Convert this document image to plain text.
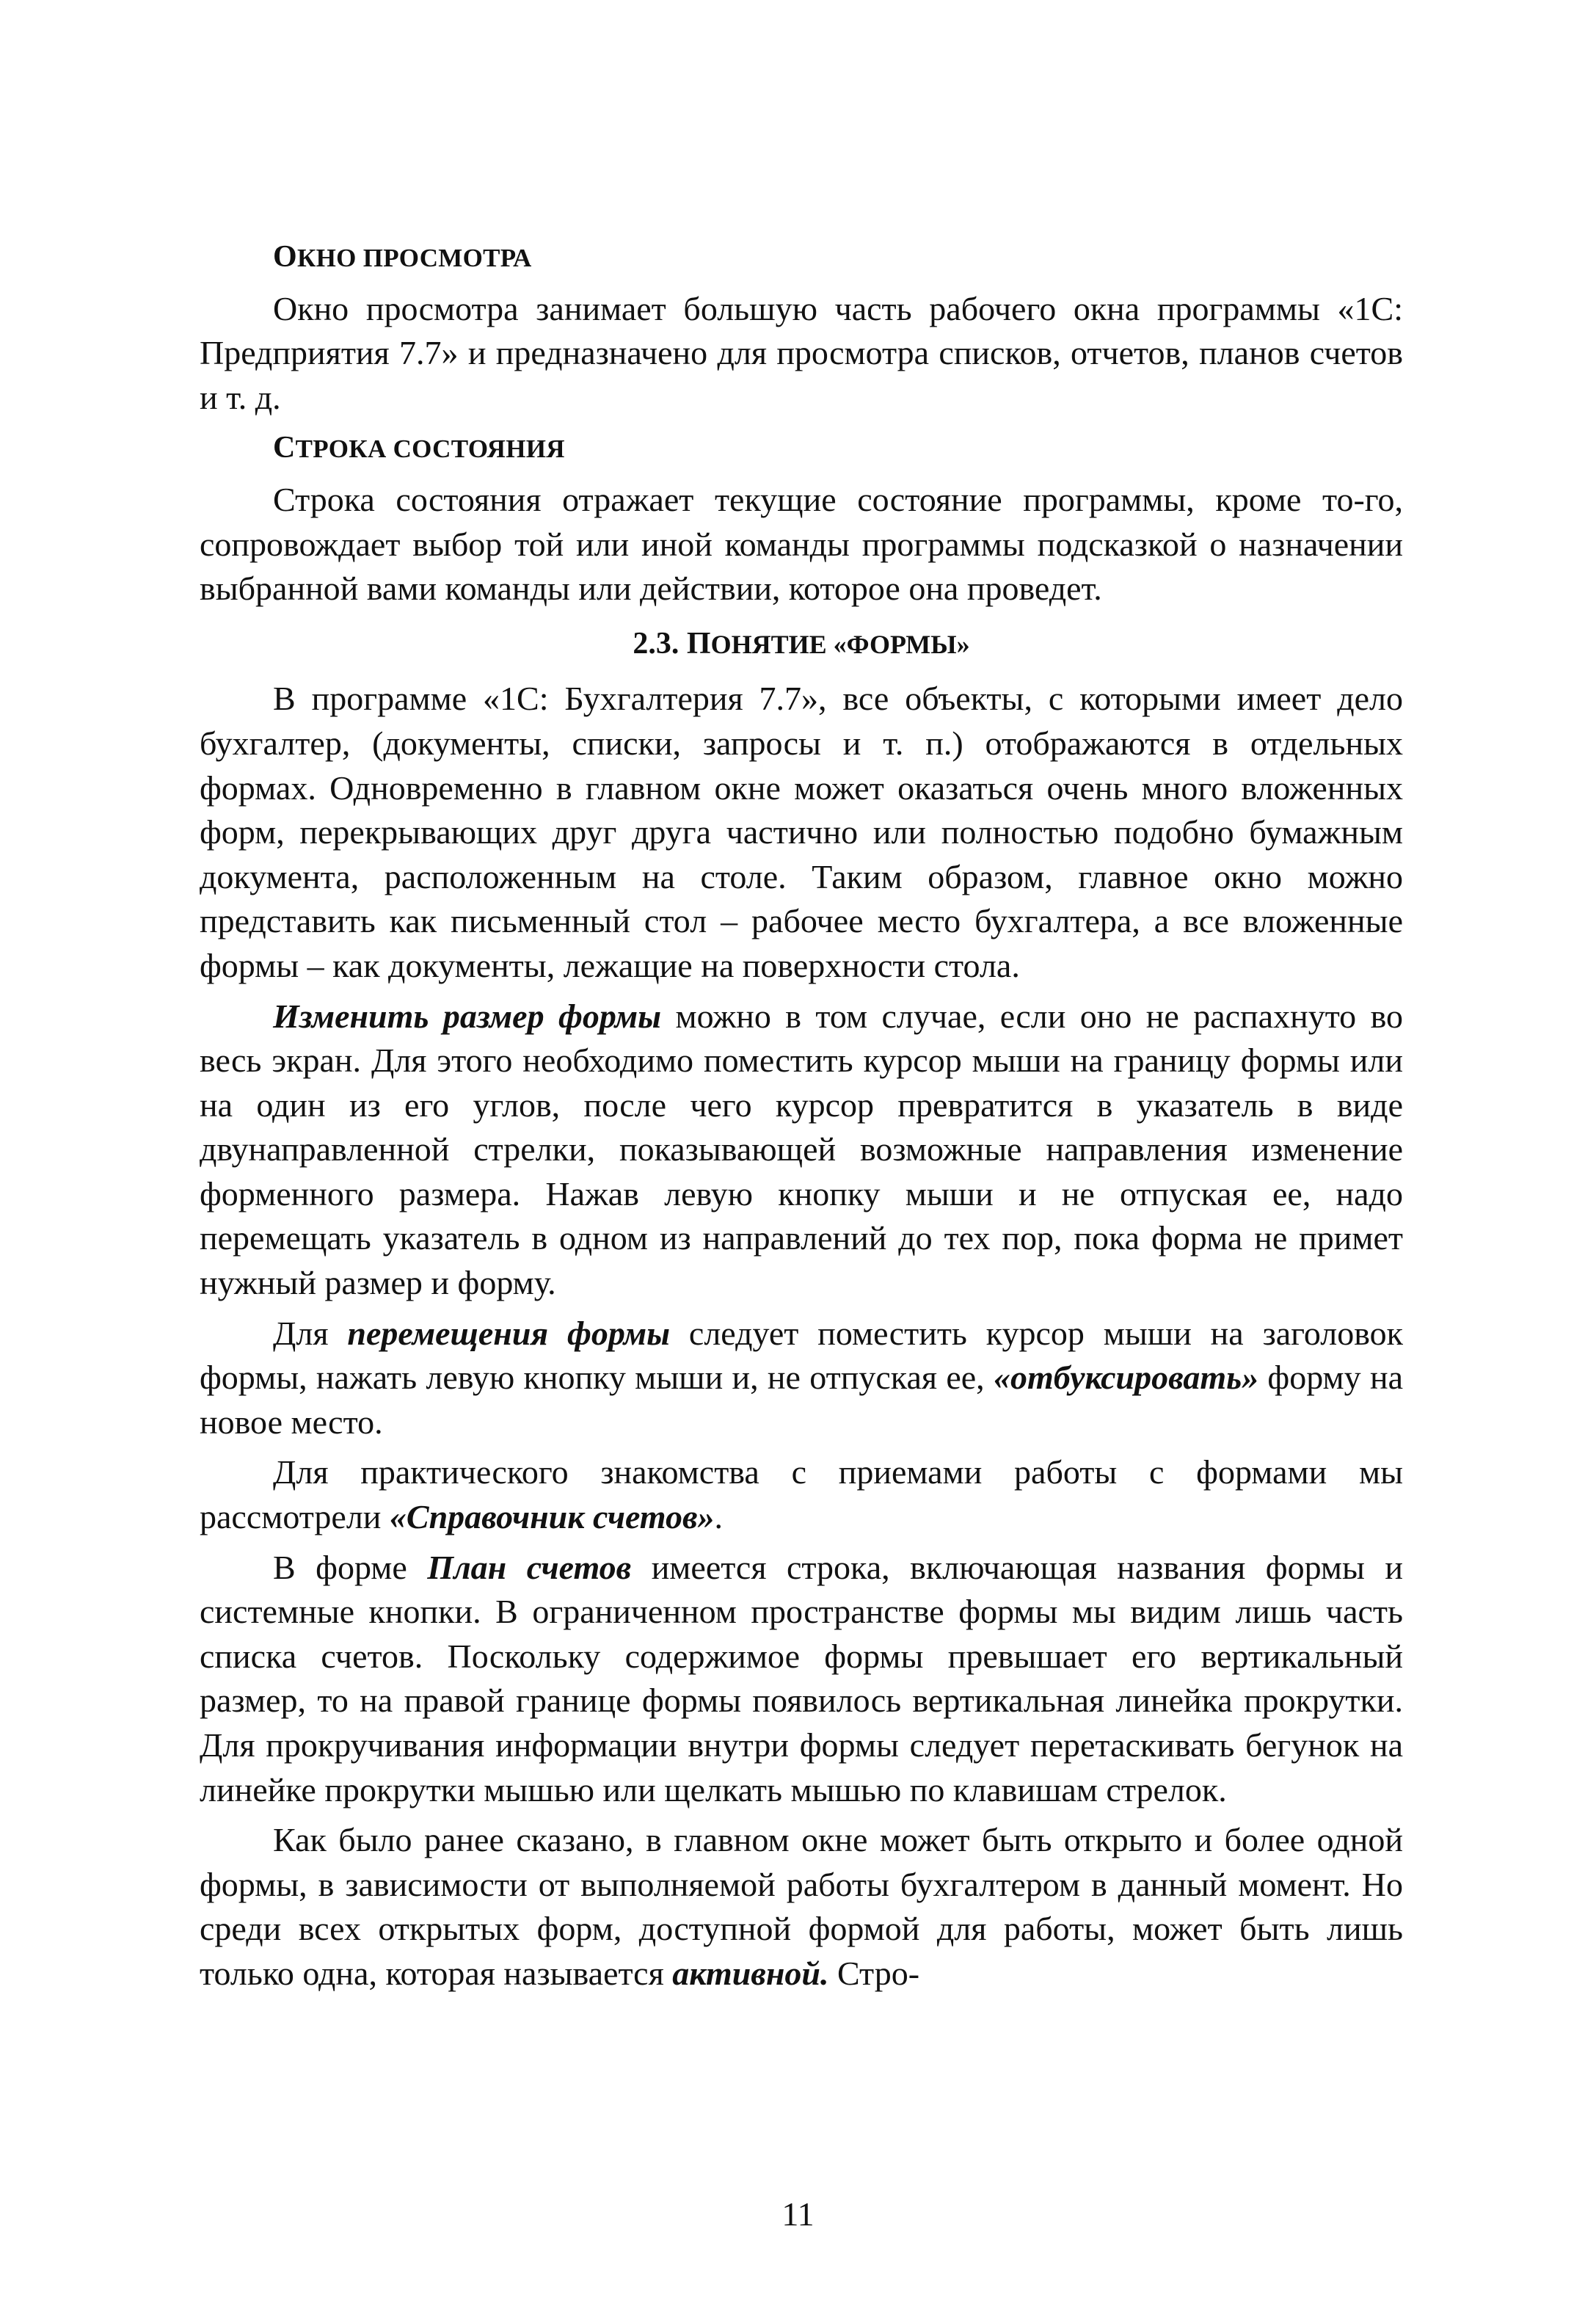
ОКНО ПРОСМОТРА

Окно просмотра занимает большую часть рабочего окна программы «1С: Предприятия 7.7» и предназначено для просмотра списков, отчетов, планов счетов и т. д.

СТРОКА СОСТОЯНИЯ

Строка состояния отражает текущие состояние программы, кроме то-го, сопровождает выбор той или иной команды программы подсказкой о назначении выбранной вами команды или действии, которое она проведет.

2.3. ПОНЯТИЕ «ФОРМЫ»

В программе «1С: Бухгалтерия 7.7», все объекты, с которыми имеет дело бухгалтер, (документы, списки, запросы и т. п.) отображаются в отдельных формах. Одновременно в главном окне может оказаться очень много вложенных форм, перекрывающих друг друга частично или полностью подобно бумажным документа, расположенным на столе. Таким образом, главное окно можно представить как письменный стол – рабочее место бухгалтера, а все вложенные формы – как документы, лежащие на поверхности стола.

Изменить размер формы можно в том случае, если оно не распахнуто во весь экран. Для этого необходимо поместить курсор мыши на границу формы или на один из его углов, после чего курсор превратится в указатель в виде двунаправленной стрелки, показывающей возможные направления изменение форменного размера. Нажав левую кнопку мыши и не отпуская ее, надо перемещать указатель в одном из направлений до тех пор, пока форма не примет нужный размер и форму.

Для перемещения формы следует поместить курсор мыши на заголовок формы, нажать левую кнопку мыши и, не отпуская ее, «отбуксировать» форму на новое место.

Для практического знакомства с приемами работы с формами мы рассмотрели «Справочник счетов».

В форме План счетов имеется строка, включающая названия формы и системные кнопки. В ограниченном пространстве формы мы видим лишь часть списка счетов. Поскольку содержимое формы превышает его вертикальный размер, то на правой границе формы появилось вертикальная линейка прокрутки. Для прокручивания информации внутри формы следует перетаскивать бегунок на линейке прокрутки мышью или щелкать мышью по клавишам стрелок.

Как было ранее сказано, в главном окне может быть открыто и более одной формы, в зависимости от выполняемой работы бухгалтером в данный момент. Но среди всех открытых форм, доступной формой для работы, может быть лишь только одна, которая называется активной. Стро-

11
